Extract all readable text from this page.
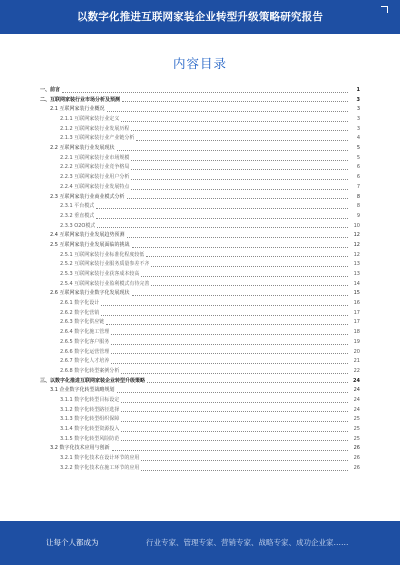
以数字化推进互联网家装企业转型升级策略研究报告
内容目录
一、前言	1
二、互联网家装行业市场分析及预测	3
2.1 互联网家装行业概况	3
2.1.1 互联网家装行业定义	3
2.1.2 互联网家装行业发展历程	3
2.1.3 互联网家装行业产业链分析	4
2.2 互联网家装行业发展现状	5
2.2.1 互联网家装行业市场规模	5
2.2.2 互联网家装行业竞争格局	6
2.2.3 互联网家装行业用户分析	6
2.2.4 互联网家装行业发展特点	7
2.3 互联网家装行业商业模式分析	8
2.3.1 平台模式	8
2.3.2 垂直模式	9
2.3.3 O2O模式	10
2.4 互联网家装行业发展趋势预测	12
2.5 互联网家装行业发展面临的挑战	12
2.5.1 互联网家装行业标准化程度较低	12
2.5.2 互联网家装行业服务质量参差不齐	13
2.5.3 互联网家装行业获客成本较高	13
2.5.4 互联网家装行业盈利模式有待完善	14
2.6 互联网家装行业数字化发展现状	15
2.6.1 数字化设计	16
2.6.2 数字化营销	17
2.6.3 数字化供应链	17
2.6.4 数字化施工管理	18
2.6.5 数字化客户服务	19
2.6.6 数字化运营管理	20
2.6.7 数字化人才培养	21
2.6.8 数字化转型案例分析	22
三、以数字化推进互联网家装企业转型升级策略	24
3.1 企业数字化转型战略规划	24
3.1.1 数字化转型目标设定	24
3.1.2 数字化转型路径选择	24
3.1.3 数字化转型组织保障	25
3.1.4 数字化转型资源投入	25
3.1.5 数字化转型风险防范	25
3.2 数字化技术应用与创新	26
3.2.1 数字化技术在设计环节的应用	26
3.2.2 数字化技术在施工环节的应用	26
让每个人都成为	行业专家、管理专家、营销专家、战略专家、成功企业家……
